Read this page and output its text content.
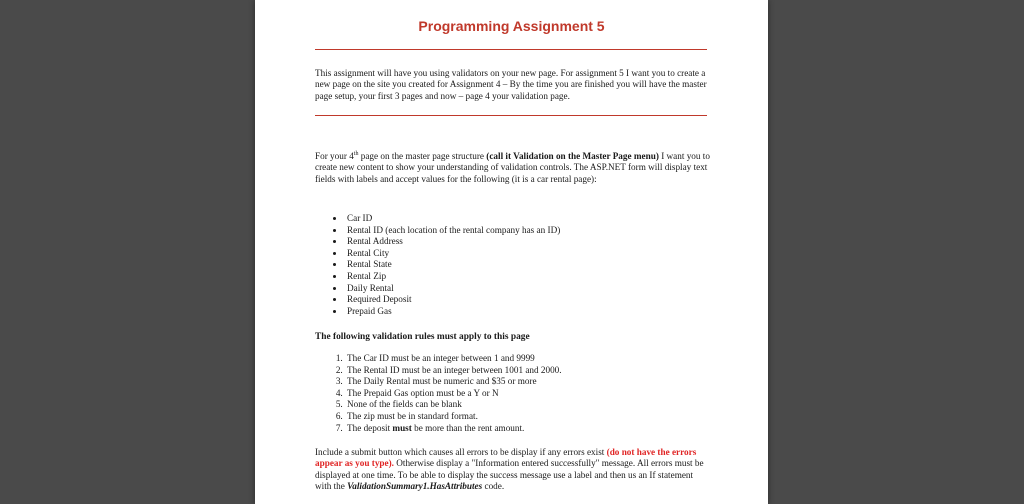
Programming Assignment 5
This assignment will have you using validators on your new page. For assignment 5 I want you to create a new page on the site you created for Assignment 4 – By the time you are finished you will have the master page setup, your first 3 pages and now – page 4 your validation page.
For your 4th page on the master page structure (call it Validation on the Master Page menu) I want you to create new content to show your understanding of validation controls. The ASP.NET form will display text fields with labels and accept values for the following (it is a car rental page):
• Car ID
• Rental ID (each location of the rental company has an ID)
• Rental Address
• Rental City
• Rental State
• Rental Zip
• Daily Rental
• Required Deposit
• Prepaid Gas
The following validation rules must apply to this page
1. The Car ID must be an integer between 1 and 9999
2. The Rental ID must be an integer between 1001 and 2000.
3. The Daily Rental must be numeric and $35 or more
4. The Prepaid Gas option must be a Y or N
5. None of the fields can be blank
6. The zip must be in standard format.
7. The deposit must be more than the rent amount.
Include a submit button which causes all errors to be display if any errors exist (do not have the errors appear as you type). Otherwise display a "Information entered successfully" message. All errors must be displayed at one time. To be able to display the success message use a label and then us an If statement with the ValidationSummary1.HasAttributes code.
